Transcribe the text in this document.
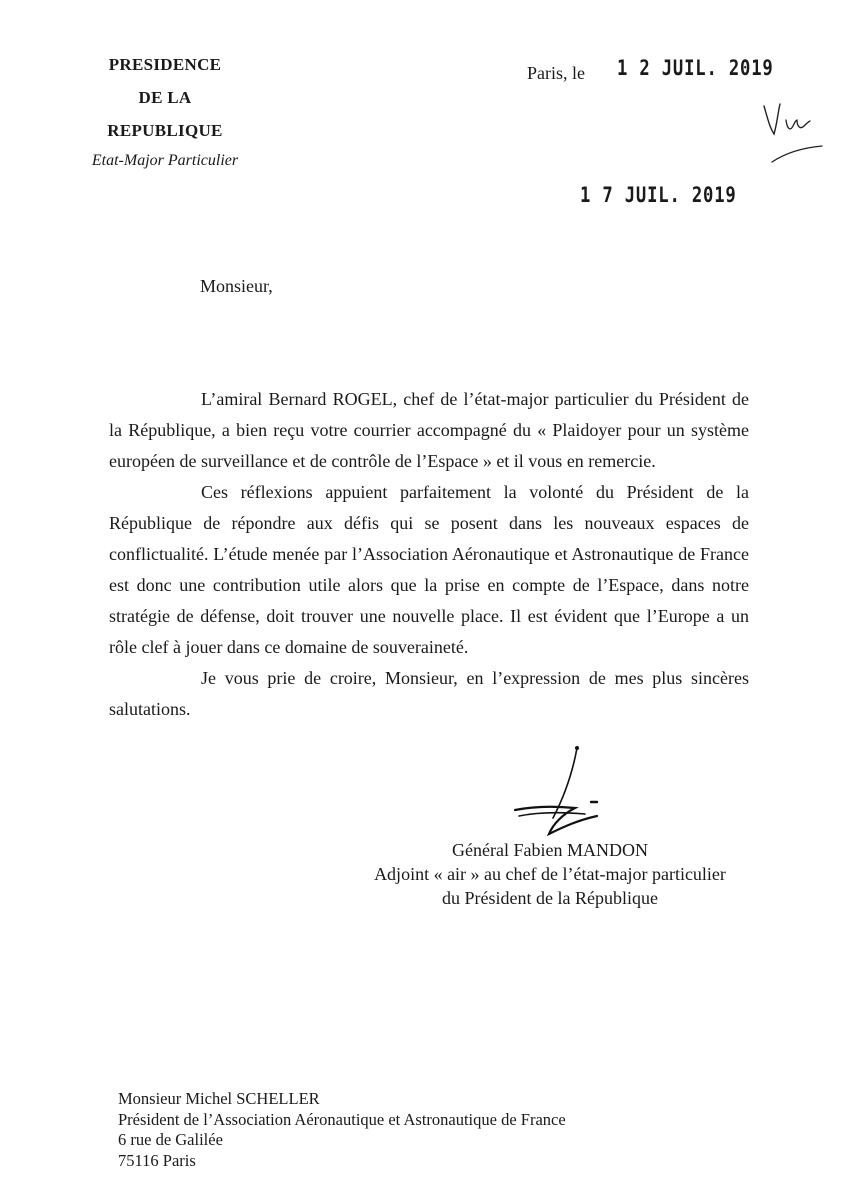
PRESIDENCE
DE LA
REPUBLIQUE
Etat-Major Particulier
Paris, le 1 2 JUIL. 2019
1 7 JUIL. 2019
Monsieur,

L’amiral Bernard ROGEL, chef de l’état-major particulier du Président de la République, a bien reçu votre courrier accompagné du « Plaidoyer pour un système européen de surveillance et de contrôle de l’Espace » et il vous en remercie.

Ces réflexions appuient parfaitement la volonté du Président de la République de répondre aux défis qui se posent dans les nouveaux espaces de conflictualité. L’étude menée par l’Association Aéronautique et Astronautique de France est donc une contribution utile alors que la prise en compte de l’Espace, dans notre stratégie de défense, doit trouver une nouvelle place. Il est évident que l’Europe a un rôle clef à jouer dans ce domaine de souveraineté.

Je vous prie de croire, Monsieur, en l’expression de mes plus sincères salutations.

Général Fabien MANDON
Adjoint « air » au chef de l’état-major particulier
du Président de la République
Monsieur Michel SCHELLER
Président de l’Association Aéronautique et Astronautique de France
6 rue de Galilée
75116 Paris
